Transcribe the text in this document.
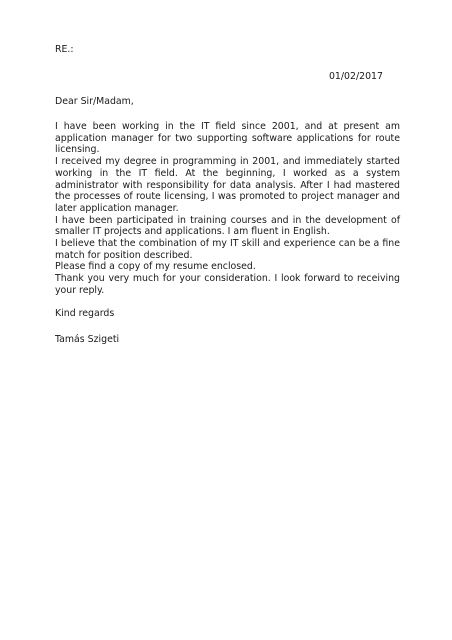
RE.:
01/02/2017
Dear Sir/Madam,

I have been working in the IT field since 2001, and at present am application manager for two supporting software applications for route licensing.

I received my degree in programming in 2001, and immediately started working in the IT field. At the beginning, I worked as a system administrator with responsibility for data analysis. After I had mastered the processes of route licensing, I was promoted to project manager and later application manager.

I have been participated in training courses and in the development of smaller IT projects and applications. I am fluent in English.

I believe that the combination of my IT skill and experience can be a fine match for position described.

Please find a copy of my resume enclosed.

Thank you very much for your consideration. I look forward to receiving your reply.

Kind regards
Tamás Szigeti
